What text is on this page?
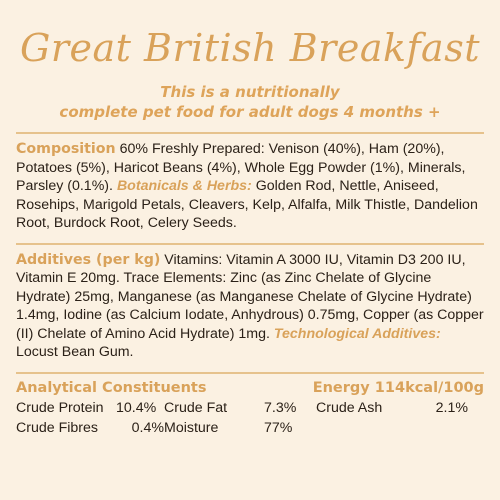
Great British Breakfast
This is a nutritionally
complete pet food for adult dogs 4 months +
Composition 60% Freshly Prepared: Venison (40%), Ham (20%), Potatoes (5%), Haricot Beans (4%), Whole Egg Powder (1%), Minerals, Parsley (0.1%). Botanicals & Herbs: Golden Rod, Nettle, Aniseed, Rosehips, Marigold Petals, Cleavers, Kelp, Alfalfa, Milk Thistle, Dandelion Root, Burdock Root, Celery Seeds.
Additives (per kg) Vitamins: Vitamin A 3000 IU, Vitamin D3 200 IU, Vitamin E 20mg. Trace Elements: Zinc (as Zinc Chelate of Glycine Hydrate) 25mg, Manganese (as Manganese Chelate of Glycine Hydrate) 1.4mg, Iodine (as Calcium Iodate, Anhydrous) 0.75mg, Copper (as Copper (II) Chelate of Amino Acid Hydrate) 1mg. Technological Additives: Locust Bean Gum.
Analytical Constituents	Energy 114kcal/100g
Crude Protein 10.4% Crude Fat	7.3%	Crude Ash	2.1%
Crude Fibres	0.4% Moisture	77%
